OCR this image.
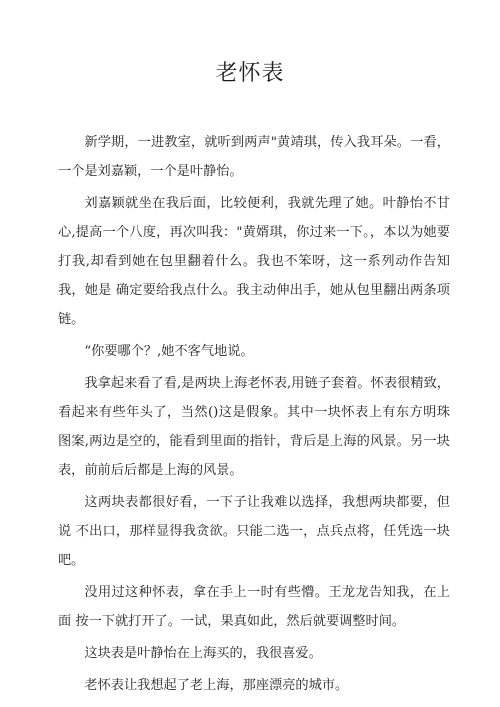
老怀表

新学期，一进教室，就听到两声"黄靖琪，传入我耳朵。一看，一个是刘嘉颖，一个是叶静怡。

刘嘉颖就坐在我后面，比较便利，我就先理了她。叶静怡不甘心,提高一个八度，再次叫我："黄婿琪，你过来一下。，本以为她要打我,却看到她在包里翻着什么。我也不笨呀，这一系列动作告知我，她是 确定要给我点什么。我主动伸出手，她从包里翻出两条项链。

“你要哪个？,她不客气地说。

我拿起来看了看,是两块上海老怀表,用链子套着。怀表很精致， 看起来有些年头了，当然()这是假象。其中一块怀表上有东方明珠 图案,两边是空的，能看到里面的指针，背后是上海的风景。另一块 表，前前后后都是上海的风景。

这两块表都很好看，一下子让我难以选择，我想两块都要，但说 不出口，那样显得我贪欲。只能二选一，点兵点将，任凭选一块吧。

没用过这种怀表，拿在手上一时有些懵。王龙龙告知我，在上面 按一下就打开了。一试，果真如此，然后就要调整时间。

这块表是叶静怡在上海买的，我很喜爱。

老怀表让我想起了老上海，那座漂亮的城市。
